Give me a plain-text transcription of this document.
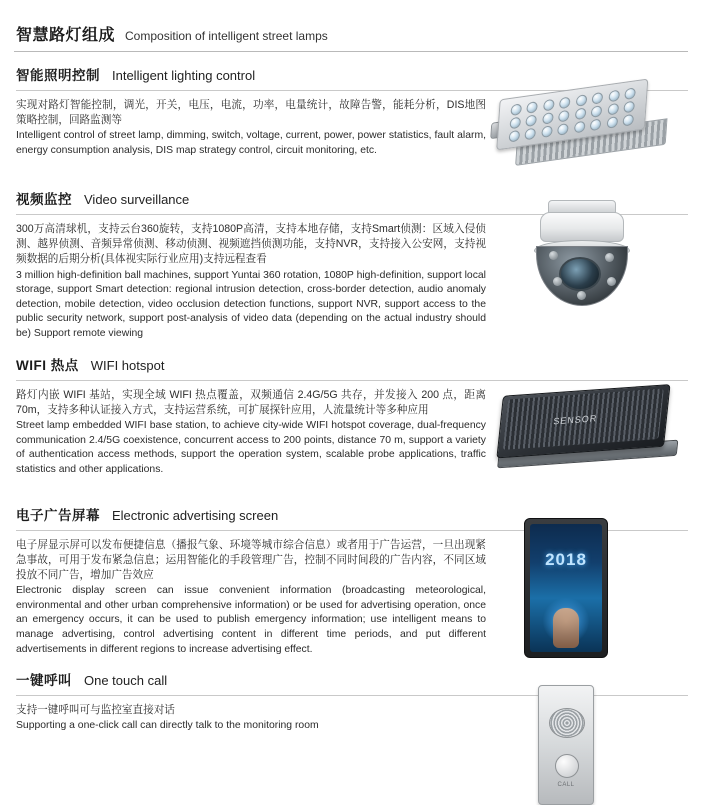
智慧路灯组成 Composition of intelligent street lamps
智能照明控制 Intelligent lighting control
实现对路灯智能控制，调光，开关，电压，电流，功率，电量统计，故障告警，能耗分析，DIS地图策略控制，回路监测等
Intelligent control of street lamp, dimming, switch, voltage, current, power, power statistics, fault alarm, energy consumption analysis, DIS map strategy control, circuit monitoring, etc.
视频监控 Video surveillance
300万高清球机，支持云台360旋转，支持1080P高清，支持本地存储，支持Smart侦测：区域入侵侦测、越界侦测、音频异常侦测、移动侦测、视频遮挡侦测功能，支持NVR，支持接入公安网，支持视频数据的后期分析(具体视实际行业应用)支持远程查看
3 million high-definition ball machines, support Yuntai 360 rotation, 1080P high-definition, support local storage, support Smart detection: regional intrusion detection, cross-border detection, audio anomaly detection, mobile detection, video occlusion detection functions, support NVR, support access to the public security network, support post-analysis of video data (depending on the actual industry should be) Support remote viewing
WIFI 热点 WIFI hotspot
路灯内嵌 WIFI 基站，实现全域 WIFI 热点覆盖，双频通信 2.4G/5G 共存，并发接入 200 点，距离 70m，支持多种认证接入方式，支持运营系统，可扩展探针应用，人流量统计等多种应用
Street lamp embedded WIFI base station, to achieve city-wide WIFI hotspot coverage, dual-frequency communication 2.4/5G coexistence, concurrent access to 200 points, distance 70 m, support a variety of authentication access methods, support the operation system, scalable probe applications, traffic statistics and other applications.
SENSOR
电子广告屏幕 Electronic advertising screen
电子屏显示屏可以发布便捷信息（播报气象、环境等城市综合信息）或者用于广告运营，一旦出现紧急事故，可用于发布紧急信息；运用智能化的手段管理广告，控制不同时间段的广告内容，不同区域投放不同广告，增加广告效应
Electronic display screen can issue convenient information (broadcasting meteorological, environmental and other urban comprehensive information) or be used for advertising operation, once an emergency occurs, it can be used to publish emergency information; use intelligent means to manage advertising, control advertising content in different time periods, and put different advertisements in different regions to increase advertising effect.
2018
一键呼叫 One touch call
支持一键呼叫可与监控室直接对话
Supporting a one-click call can directly talk to the monitoring room
CALL
